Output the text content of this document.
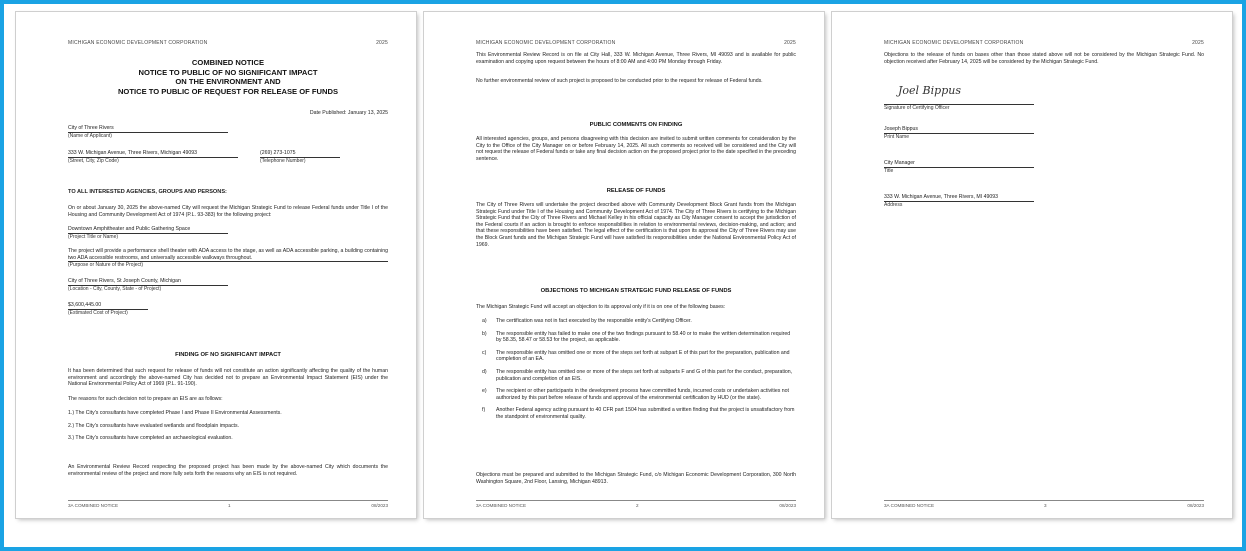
MICHIGAN ECONOMIC DEVELOPMENT CORPORATION	2025
COMBINED NOTICE
NOTICE TO PUBLIC OF NO SIGNIFICANT IMPACT
ON THE ENVIRONMENT AND
NOTICE TO PUBLIC OF REQUEST FOR RELEASE OF FUNDS
Date Published: January 13, 2025
City of Three Rivers
(Name of Applicant)
333 W. Michigan Avenue, Three Rivers, Michigan 49093
(Street, City, Zip Code)
(269) 273-1075
(Telephone Number)
TO ALL INTERESTED AGENCIES, GROUPS AND PERSONS:
On or about January 30, 2025 the above-named City will request the Michigan Strategic Fund to release Federal funds under Title I of the Housing and Community Development Act of 1974 (P.L. 93-383) for the following project:
Downtown Amphitheater and Public Gathering Space
(Project Title or Name)
The project will provide a performance shell theater with ADA access to the stage, as well as ADA accessible parking, a building containing two ADA accessible restrooms, and universally accessible walkways throughout.
(Purpose or Nature of the Project)
City of Three Rivers, St Joseph County, Michigan
(Location - City, County, State - of Project)
$3,600,445.00
(Estimated Cost of Project)
FINDING OF NO SIGNIFICANT IMPACT
It has been determined that such request for release of funds will not constitute an action significantly affecting the quality of the human environment and accordingly the above-named City has decided not to prepare an Environmental Impact Statement (EIS) under the National Environmental Policy Act of 1969 (P.L. 91-190).
The reasons for such decision not to prepare an EIS are as follows:

1.) The City's consultants have completed Phase I and Phase II Environmental Assessments.

2.) The City's consultants have evaluated wetlands and floodplain impacts.

3.) The City's consultants have completed an archaeological evaluation.

An Environmental Review Record respecting the proposed project has been made by the above-named City which documents the environmental review of the project and more fully sets forth the reasons why an EIS is not required.
3A COMBINED NOTICE	1	08/2023
MICHIGAN ECONOMIC DEVELOPMENT CORPORATION	2025
This Environmental Review Record is on file at City Hall, 333 W. Michigan Avenue, Three Rivers, MI 49093 and is available for public examination and copying upon request between the hours of 8:00 AM and 4:00 PM Monday through Friday.
No further environmental review of such project is proposed to be conducted prior to the request for release of Federal funds.
PUBLIC COMMENTS ON FINDING
All interested agencies, groups, and persons disagreeing with this decision are invited to submit written comments for consideration by the City to the Office of the City Manager on or before February 14, 2025. All such comments so received will be considered and the City will not request the release of Federal funds or take any final decision action on the proposed project prior to the date specified in the preceding sentence.
RELEASE OF FUNDS
The City of Three Rivers will undertake the project described above with Community Development Block Grant funds from the Michigan Strategic Fund under Title I of the Housing and Community Development Act of 1974. The City of Three Rivers is certifying to the Michigan Strategic Fund that the City of Three Rivers and Michael Kelley in his official capacity as City Manager consent to accept the jurisdiction of the Federal courts if an action is brought to enforce responsibilities in relation to environmental reviews, decision-making, and action; and that these responsibilities have been satisfied. The legal effect of the certification is that upon its approval the City of Three Rivers may use the Block Grant funds and the Michigan Strategic Fund will have satisfied its responsibilities under the National Environmental Policy Act of 1969.
OBJECTIONS TO MICHIGAN STRATEGIC FUND RELEASE OF FUNDS
The Michigan Strategic Fund will accept an objection to its approval only if it is on one of the following bases:
a) The certification was not in fact executed by the responsible entity's Certifying Officer.
b) The responsible entity has failed to make one of the two findings pursuant to 58.40 or to make the written determination required by 58.35, 58.47 or 58.53 for the project, as applicable.
c) The responsible entity has omitted one or more of the steps set forth at subpart E of this part for the preparation, publication and completion of an EA.
d) The responsible entity has omitted one or more of the steps set forth at subparts F and G of this part for the conduct, preparation, publication and completion of an EIS.
e) The recipient or other participants in the development process have committed funds, incurred costs or undertaken activities not authorized by this part before release of funds and approval of the environmental certification by HUD (or the state).
f) Another Federal agency acting pursuant to 40 CFR part 1504 has submitted a written finding that the project is unsatisfactory from the standpoint of environmental quality.
Objections must be prepared and submitted to the Michigan Strategic Fund, c/o Michigan Economic Development Corporation, 300 North Washington Square, 2nd Floor, Lansing, Michigan 48913.
3A COMBINED NOTICE	2	08/2023
MICHIGAN ECONOMIC DEVELOPMENT CORPORATION	2025
Objections to the release of funds on bases other than those stated above will not be considered by the Michigan Strategic Fund. No objection received after February 14, 2025 will be considered by the Michigan Strategic Fund.
Joel Bippus
Signature of Certifying Officer
Joseph Bippus
Print Name
City Manager
Title
333 W. Michigan Avenue, Three Rivers, MI 49093
Address
3A COMBINED NOTICE	3	08/2023
